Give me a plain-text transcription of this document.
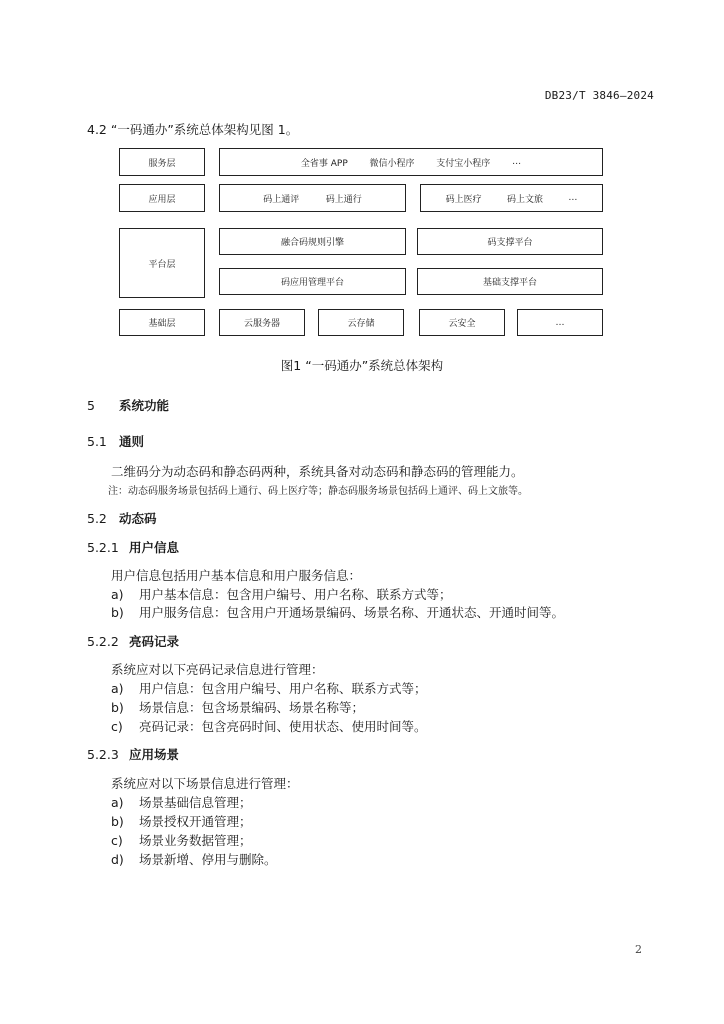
DB23/T 3846—2024
4.2 “一码通办”系统总体架构见图 1。
服务层	全省事 APP 微信小程序 支付宝小程序 …
应用层	码上通评	码上通行	码上医疗	码上文旅	…
平台层
融合码规则引擎	码支撑平台
码应用管理平台	基础支撑平台
基础层	云服务器	云存储	云安全	…
图1 “一码通办”系统总体架构
5 系统功能
5.1 通则
二维码分为动态码和静态码两种，系统具备对动态码和静态码的管理能力。
注：动态码服务场景包括码上通行、码上医疗等；静态码服务场景包括码上通评、码上文旅等。
5.2 动态码
5.2.1 用户信息
用户信息包括用户基本信息和用户服务信息：
a) 用户基本信息：包含用户编号、用户名称、联系方式等；
b) 用户服务信息：包含用户开通场景编码、场景名称、开通状态、开通时间等。
5.2.2 亮码记录
系统应对以下亮码记录信息进行管理：
a) 用户信息：包含用户编号、用户名称、联系方式等；
b) 场景信息：包含场景编码、场景名称等；
c) 亮码记录：包含亮码时间、使用状态、使用时间等。
5.2.3 应用场景
系统应对以下场景信息进行管理：
a) 场景基础信息管理；
b) 场景授权开通管理；
c) 场景业务数据管理；
d) 场景新增、停用与删除。
2
